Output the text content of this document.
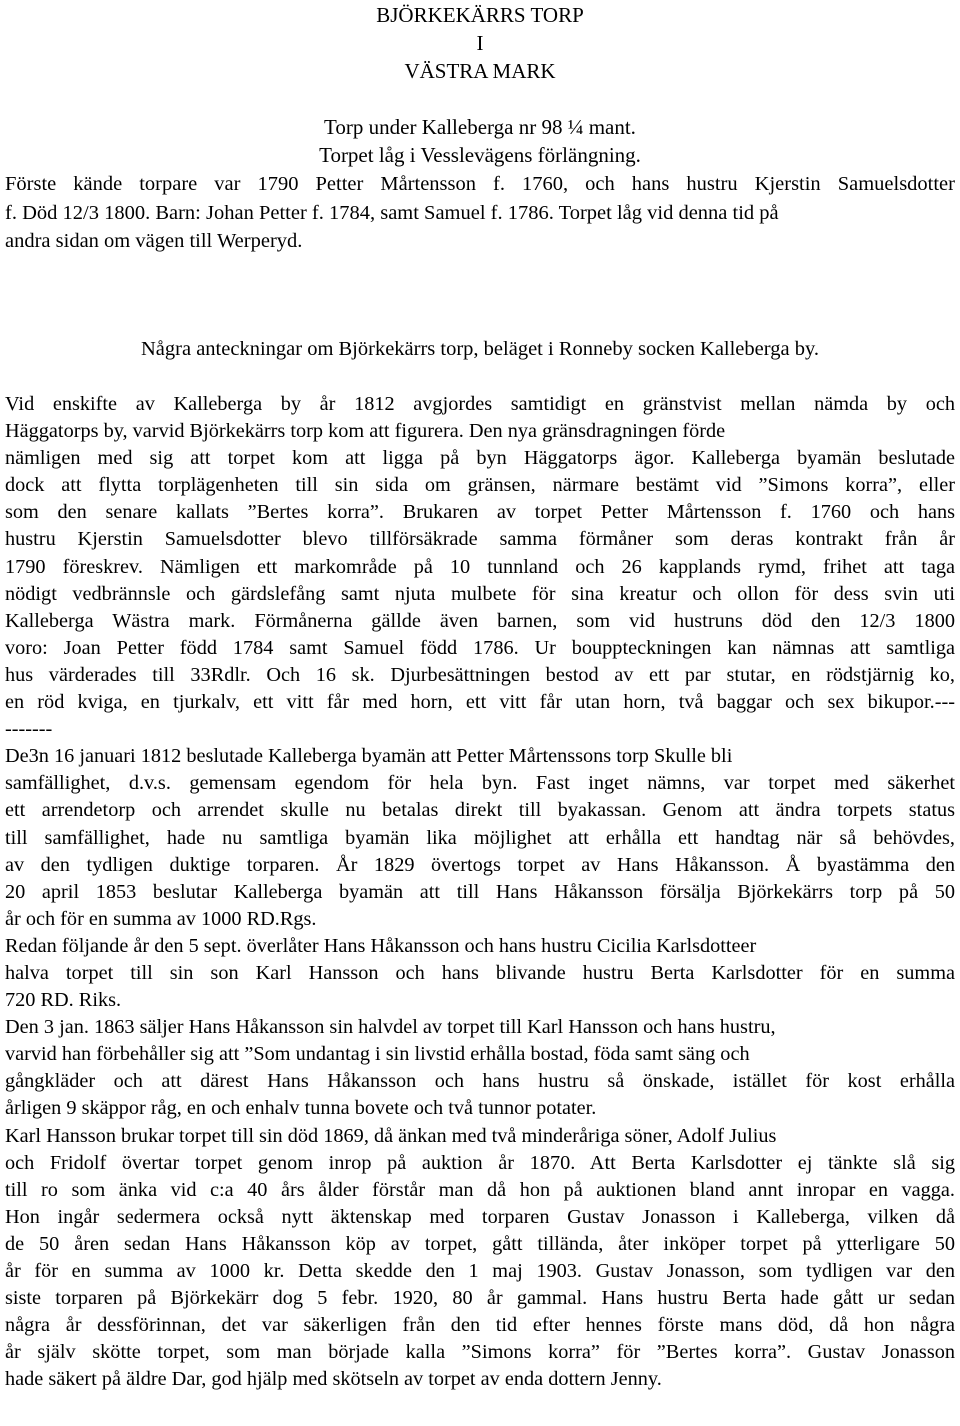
BJÖRKEKÄRRS TORP
I
VÄSTRA MARK
Torp under Kalleberga nr 98 ¼ mant.
Torpet låg i Vesslevägens förlängning.
Förste kände torpare var 1790 Petter Mårtensson f. 1760, och hans hustru Kjerstin Samuelsdotter
f. Död 12/3 1800. Barn: Johan Petter f. 1784, samt Samuel f. 1786. Torpet låg vid denna tid på
andra sidan om vägen till Werperyd.
Några anteckningar om Björkekärrs torp, beläget i Ronneby socken Kalleberga by.
Vid enskifte av Kalleberga by år 1812 avgjordes samtidigt en gränstvist mellan nämda by och
Häggatorps by, varvid Björkekärrs torp kom att figurera. Den nya gränsdragningen förde
nämligen med sig att torpet kom att ligga på byn Häggatorps ägor. Kalleberga byamän beslutade
dock att flytta torplägenheten till sin sida om gränsen, närmare bestämt vid ”Simons korra”, eller
som den senare kallats ”Bertes korra”. Brukaren av torpet Petter Mårtensson f. 1760 och hans
hustru Kjerstin Samuelsdotter blevo tillförsäkrade samma förmåner som deras kontrakt från år
1790 föreskrev. Nämligen ett markområde på 10 tunnland och 26 kapplands rymd, frihet att taga
nödigt vedbrännsle och gärdslefång samt njuta mulbete för sina kreatur och ollon för dess svin uti
Kalleberga Wästra mark. Förmånerna gällde även barnen, som vid hustruns död den 12/3 1800
voro: Joan Petter född 1784 samt Samuel född 1786. Ur bouppteckningen kan nämnas att samtliga
hus värderades till 33Rdlr. Och 16 sk. Djurbesättningen bestod av ett par stutar, en rödstjärnig ko,
en röd kviga, en tjurkalv, ett vitt får med horn, ett vitt får utan horn, två baggar och sex bikupor.---
-------
De3n 16 januari 1812 beslutade Kalleberga byamän att Petter Mårtenssons torp Skulle bli
samfällighet, d.v.s. gemensam egendom för hela byn. Fast inget nämns, var torpet med säkerhet
ett arrendetorp och arrendet skulle nu betalas direkt till byakassan. Genom att ändra torpets status
till samfällighet, hade nu samtliga byamän lika möjlighet att erhålla ett handtag när så behövdes,
av den tydligen duktige torparen. År 1829 övertogs torpet av Hans Håkansson. Å byastämma den
20 april 1853 beslutar Kalleberga byamän att till Hans Håkansson försälja Björkekärrs torp på 50
år och för en summa av 1000 RD.Rgs.
Redan följande år den 5 sept. överlåter Hans Håkansson och hans hustru Cicilia Karlsdotteer
halva torpet till sin son Karl Hansson och hans blivande hustru Berta Karlsdotter för en summa
720 RD. Riks.
Den 3 jan. 1863 säljer Hans Håkansson sin halvdel av torpet till Karl Hansson och hans hustru,
varvid han förbehåller sig att ”Som undantag i sin livstid erhålla bostad, föda samt säng och
gångkläder och att därest Hans Håkansson och hans hustru så önskade, istället för kost erhålla
årligen 9 skäppor råg, en och enhalv tunna bovete och två tunnor potater.
Karl Hansson brukar torpet till sin död 1869, då änkan med två minderåriga söner, Adolf Julius
och Fridolf övertar torpet genom inrop på auktion år 1870. Att Berta Karlsdotter ej tänkte slå sig
till ro som änka vid c:a 40 års ålder förstår man då hon på auktionen bland annt inropar en vagga.
Hon ingår sedermera också nytt äktenskap med torparen Gustav Jonasson i Kalleberga, vilken då
de 50 åren sedan Hans Håkansson köp av torpet, gått tillända, åter inköper torpet på ytterligare 50
år för en summa av 1000 kr. Detta skedde den 1 maj 1903. Gustav Jonasson, som tydligen var den
siste torparen på Björkekärr dog 5 febr. 1920, 80 år gammal. Hans hustru Berta hade gått ur sedan
några år dessförinnan, det var säkerligen från den tid efter hennes förste mans död, då hon några
år själv skötte torpet, som man började kalla ”Simons korra” för ”Bertes korra”. Gustav Jonasson
hade säkert på äldre Dar, god hjälp med skötseln av torpet av enda dottern Jenny.
